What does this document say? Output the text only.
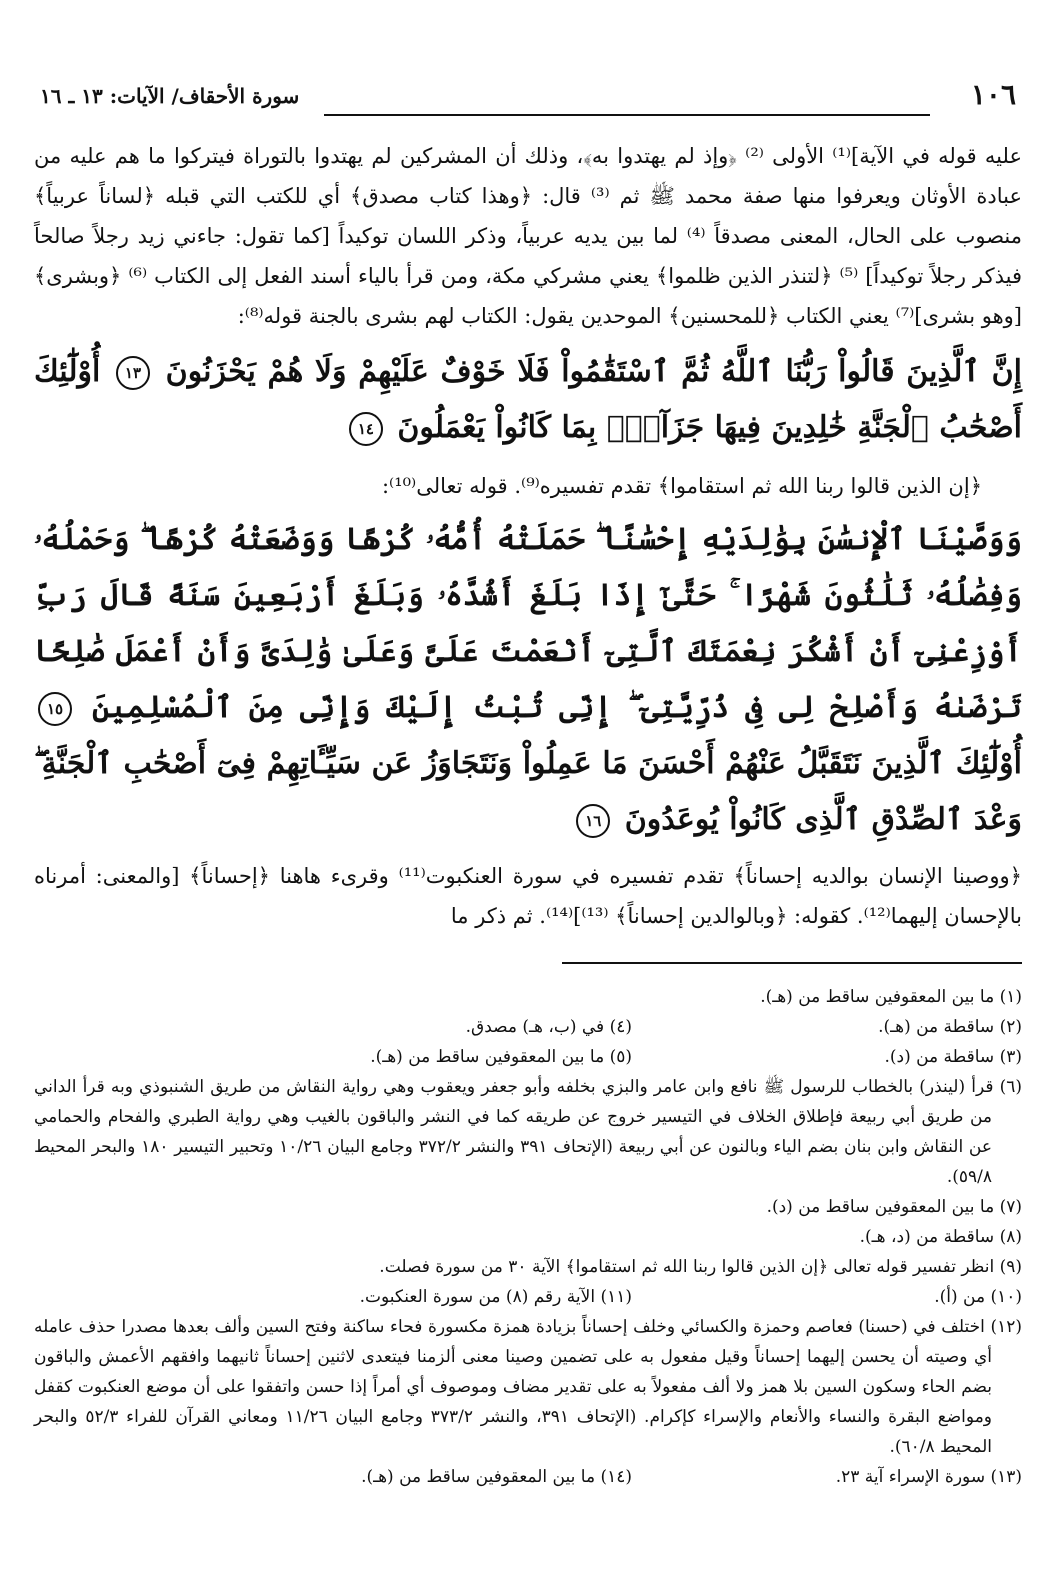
١٠٦
سورة الأحقاف/ الآيات: ١٣ ـ ١٦

عليه قوله في الآية]⁽¹⁾ الأولى ⁽²⁾ ﴿وإذ لم يهتدوا به﴾، وذلك أن المشركين لم يهتدوا بالتوراة فيتركوا ما هم عليه من عبادة الأوثان ويعرفوا منها صفة محمد ﷺ ثم ⁽³⁾ قال: ﴿وهذا كتاب مصدق﴾ أي للكتب التي قبله ﴿لساناً عربياً﴾ منصوب على الحال، المعنى مصدقاً ⁽⁴⁾ لما بين يديه عربياً، وذكر اللسان توكيداً [كما تقول: جاءني زيد رجلاً صالحاً فيذكر رجلاً توكيداً] ⁽⁵⁾ ﴿لتنذر الذين ظلموا﴾ يعني مشركي مكة، ومن قرأ بالياء أسند الفعل إلى الكتاب ⁽⁶⁾ ﴿وبشرى﴾ [وهو بشرى]⁽⁷⁾ يعني الكتاب ﴿للمحسنين﴾ الموحدين يقول: الكتاب لهم بشرى بالجنة قوله⁽⁸⁾:

إِنَّ ٱلَّذِينَ قَالُواْ رَبُّنَا ٱللَّهُ ثُمَّ ٱسْتَقَٰمُواْ فَلَا خَوْفٌ عَلَيْهِمْ وَلَا هُمْ يَحْزَنُونَ ١٣ أُوْلَٰٓئِكَ أَصْحَٰبُ ٱلْجَنَّةِ خَٰلِدِينَ فِيهَا جَزَآءًۢ بِمَا كَانُواْ يَعْمَلُونَ ١٤

﴿إن الذين قالوا ربنا الله ثم استقاموا﴾ تقدم تفسيره⁽⁹⁾. قوله تعالى⁽¹⁰⁾:

وَوَصَّيْنَا ٱلْإِنسَٰنَ بِوَٰلِدَيْهِ إِحْسَٰنًا ۖ حَمَلَتْهُ أُمُّهُۥ كُرْهًا وَوَضَعَتْهُ كُرْهًا ۖ وَحَمْلُهُۥ وَفِصَٰلُهُۥ ثَلَٰثُونَ شَهْرًا ۚ حَتَّىٰٓ إِذَا بَلَغَ أَشُدَّهُۥ وَبَلَغَ أَرْبَعِينَ سَنَةً قَالَ رَبِّ أَوْزِعْنِىٓ أَنْ أَشْكُرَ نِعْمَتَكَ ٱلَّتِىٓ أَنْعَمْتَ عَلَىَّ وَعَلَىٰ وَٰلِدَىَّ وَأَنْ أَعْمَلَ صَٰلِحًا تَرْضَىٰهُ وَأَصْلِحْ لِى فِى ذُرِّيَّتِىٓ ۖ إِنِّى تُبْتُ إِلَيْكَ وَإِنِّى مِنَ ٱلْمُسْلِمِينَ ١٥ أُوْلَٰٓئِكَ ٱلَّذِينَ نَتَقَبَّلُ عَنْهُمْ أَحْسَنَ مَا عَمِلُواْ وَنَتَجَاوَزُ عَن سَيِّـَٔاتِهِمْ فِىٓ أَصْحَٰبِ ٱلْجَنَّةِ ۖ وَعْدَ ٱلصِّدْقِ ٱلَّذِى كَانُواْ يُوعَدُونَ ١٦

﴿ووصينا الإنسان بوالديه إحساناً﴾ تقدم تفسيره في سورة العنكبوت⁽¹¹⁾ وقرىء هاهنا ﴿إحساناً﴾ [والمعنى: أمرناه بالإحسان إليهما⁽¹²⁾. كقوله: ﴿وبالوالدين إحساناً﴾ ⁽¹³⁾]⁽¹⁴⁾. ثم ذكر ما

(١) ما بين المعقوفين ساقط من (هـ).

(٢) ساقطة من (هـ).
(٤) في (ب، هـ) مصدق.
(٣) ساقطة من (د).
(٥) ما بين المعقوفين ساقط من (هـ).

(٦) قرأ (لينذر) بالخطاب للرسول ﷺ نافع وابن عامر والبزي بخلفه وأبو جعفر ويعقوب وهي رواية النقاش من طريق الشنبوذي وبه قرأ الداني من طريق أبي ربيعة فإطلاق الخلاف في التيسير خروج عن طريقه كما في النشر والباقون بالغيب وهي رواية الطبري والفحام والحمامي عن النقاش وابن بنان بضم الياء وبالنون عن أبي ربيعة (الإتحاف ٣٩١ والنشر ٣٧٢/٢ وجامع البيان ١٠/٢٦ وتحبير التيسير ١٨٠ والبحر المحيط ٥٩/٨).

(٧) ما بين المعقوفين ساقط من (د).

(٨) ساقطة من (د، هـ).

(٩) انظر تفسير قوله تعالى ﴿إن الذين قالوا ربنا الله ثم استقاموا﴾ الآية ٣٠ من سورة فصلت.

(١٠) من (أ).
(١١) الآية رقم (٨) من سورة العنكبوت.

(١٢) اختلف في (حسنا) فعاصم وحمزة والكسائي وخلف إحساناً بزيادة همزة مكسورة فحاء ساكنة وفتح السين وألف بعدها مصدرا حذف عامله أي وصيته أن يحسن إليهما إحساناً وقيل مفعول به على تضمين وصينا معنى ألزمنا فيتعدى لاثنين إحساناً ثانيهما وافقهم الأعمش والباقون بضم الحاء وسكون السين بلا همز ولا ألف مفعولاً به على تقدير مضاف وموصوف أي أمراً إذا حسن واتفقوا على أن موضع العنكبوت كقفل ومواضع البقرة والنساء والأنعام والإسراء كإكرام. (الإتحاف ٣٩١، والنشر ٣٧٣/٢ وجامع البيان ١١/٢٦ ومعاني القرآن للفراء ٥٢/٣ والبحر المحيط ٦٠/٨).

(١٣) سورة الإسراء آية ٢٣.
(١٤) ما بين المعقوفين ساقط من (هـ).
